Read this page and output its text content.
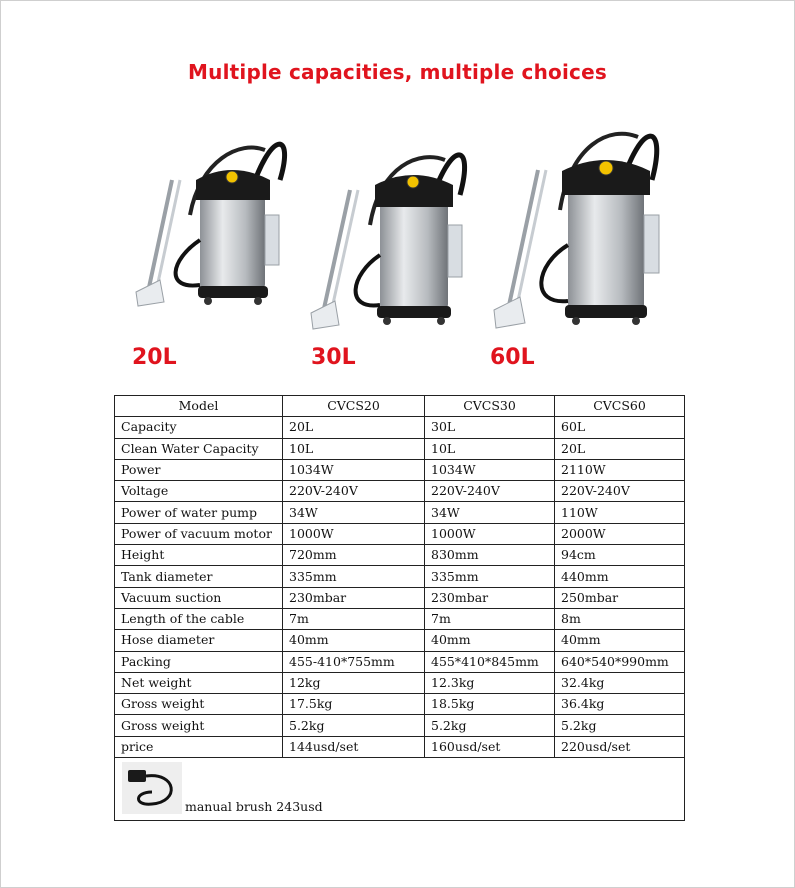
Multiple capacities, multiple choices
20L	30L	60L
Model	CVCS20	CVCS30	CVCS60
Capacity	20L	30L	60L
Clean Water Capacity	10L	10L	20L
Power	1034W	1034W	2110W
Voltage	220V-240V	220V-240V	220V-240V
Power of water pump	34W	34W	110W
Power of vacuum motor	1000W	1000W	2000W
Height	720mm	830mm	94cm
Tank diameter	335mm	335mm	440mm
Vacuum suction	230mbar	230mbar	250mbar
Length of the cable	7m	7m	8m
Hose diameter	40mm	40mm	40mm
Packing	455-410*755mm	455*410*845mm	640*540*990mm
Net weight	12kg	12.3kg	32.4kg
Gross weight	17.5kg	18.5kg	36.4kg
Gross weight	5.2kg	5.2kg	5.2kg
price	144usd/set	160usd/set	220usd/set

manual brush 243usd			
